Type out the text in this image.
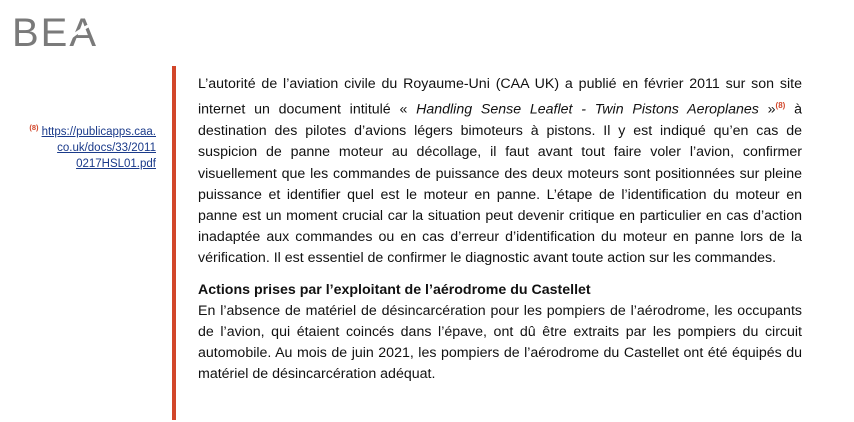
BEA
$^{(8)}$ https://publicapps.caa.
co.uk/docs/33/2011
0217HSL01.pdf

L’autorité de l’aviation civile du Royaume-Uni (CAA UK) a publié en février 2011 sur son site internet un document intitulé « Handling Sense Leaflet - Twin Pistons Aeroplanes »$^{(8)}$ à destination des pilotes d’avions légers bimoteurs à pistons. Il y est indiqué qu’en cas de suspicion de panne moteur au décollage, il faut avant tout faire voler l’avion, confirmer visuellement que les commandes de puissance des deux moteurs sont positionnées sur pleine puissance et identifier quel est le moteur en panne. L’étape de l’identification du moteur en panne est un moment crucial car la situation peut devenir critique en particulier en cas d’action inadaptée aux commandes ou en cas d’erreur d’identification du moteur en panne lors de la vérification. Il est essentiel de confirmer le diagnostic avant toute action sur les commandes.

Actions prises par l’exploitant de l’aérodrome du Castellet

En l’absence de matériel de désincarcération pour les pompiers de l’aérodrome, les occupants de l’avion, qui étaient coincés dans l’épave, ont dû être extraits par les pompiers du circuit automobile. Au mois de juin 2021, les pompiers de l’aérodrome du Castellet ont été équipés du matériel de désincarcération adéquat.
